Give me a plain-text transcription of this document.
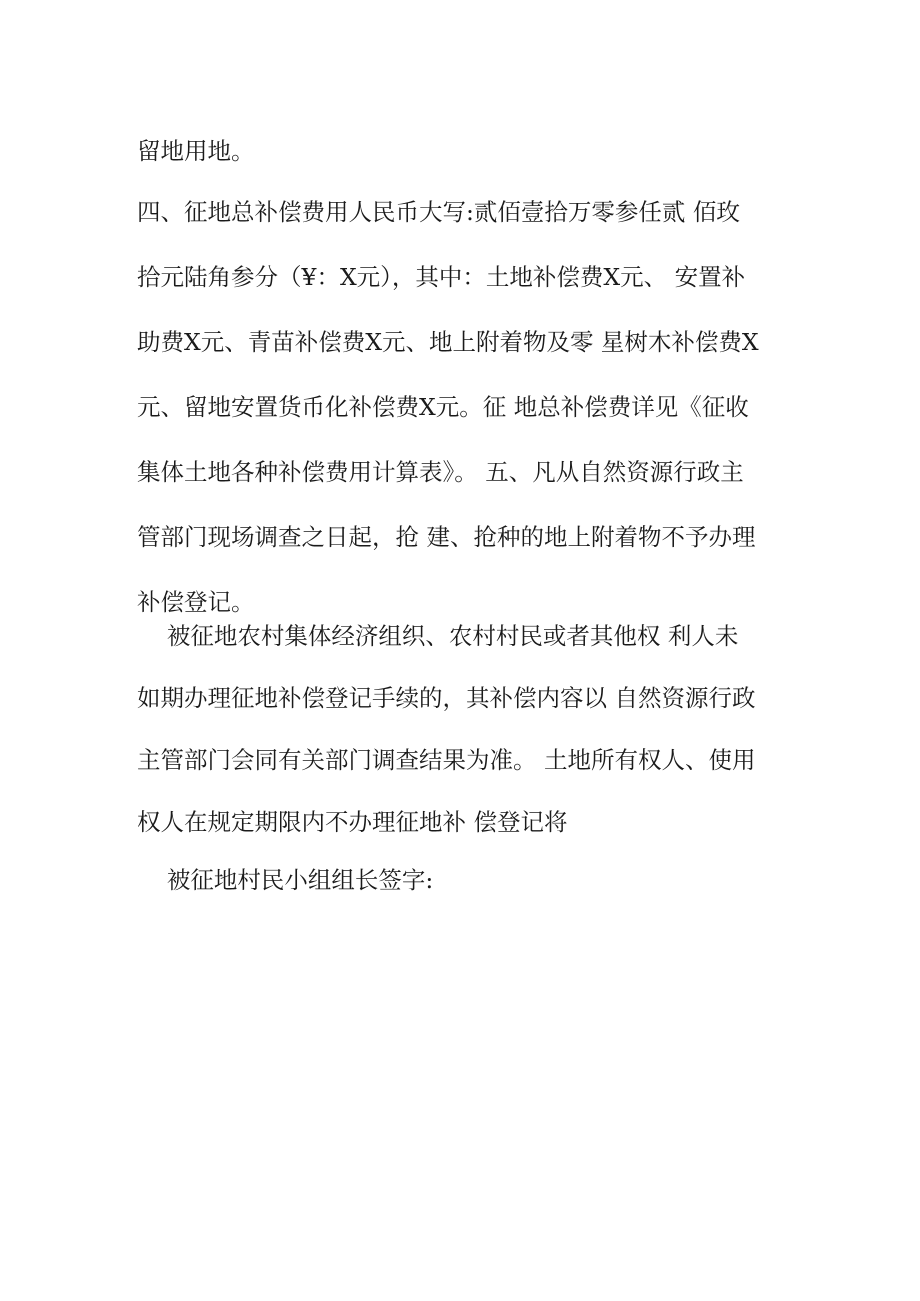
留地用地。
四、征地总补偿费用人民币大写:贰佰壹拾万零参任贰 佰玫
拾元陆角参分（¥：X元），其中：土地补偿费X元、 安置补
助费X元、青苗补偿费X元、地上附着物及零 星树木补偿费X
元、留地安置货币化补偿费X元。征 地总补偿费详见《征收
集体土地各种补偿费用计算表》。 五、凡从自然资源行政主
管部门现场调查之日起，抢 建、抢种的地上附着物不予办理
补偿登记。
被征地农村集体经济组织、农村村民或者其他权 利人未
如期办理征地补偿登记手续的，其补偿内容以 自然资源行政
主管部门会同有关部门调查结果为准。 土地所有权人、使用
权人在规定期限内不办理征地补 偿登记将
被征地村民小组组长签字:
